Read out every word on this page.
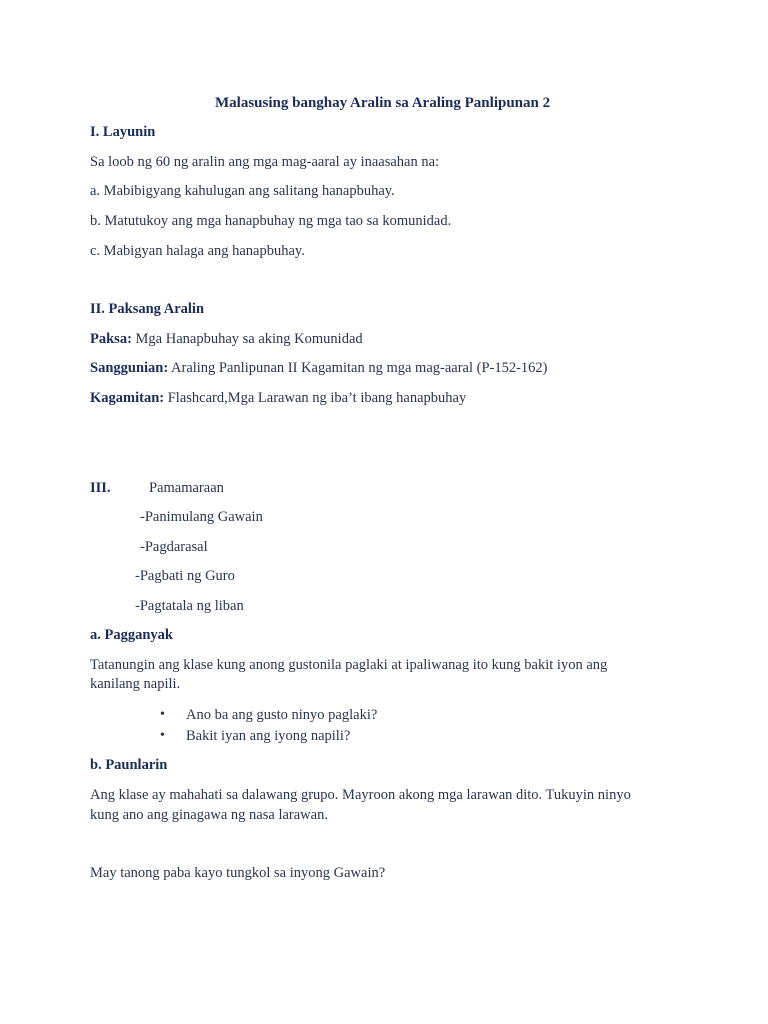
Malasusing banghay Aralin sa Araling Panlipunan 2
I. Layunin
Sa loob ng 60 ng aralin ang mga mag-aaral ay inaasahan na:
a. Mabibigyang kahulugan ang salitang hanapbuhay.
b. Matutukoy ang mga hanapbuhay ng mga tao sa komunidad.
c. Mabigyan halaga ang hanapbuhay.
II. Paksang Aralin
Paksa: Mga Hanapbuhay sa aking Komunidad
Sanggunian: Araling Panlipunan II Kagamitan ng mga mag-aaral (P-152-162)
Kagamitan: Flashcard,Mga Larawan ng iba’t ibang hanapbuhay
III.	Pamamaraan
-Panimulang Gawain
-Pagdarasal
-Pagbati ng Guro
-Pagtatala ng liban
a. Pagganyak
Tatanungin ang klase kung anong gustonila paglaki at ipaliwanag ito kung bakit iyon ang
kanilang napili.
• Ano ba ang gusto ninyo paglaki?
• Bakit iyan ang iyong napili?
b. Paunlarin
Ang klase ay mahahati sa dalawang grupo. Mayroon akong mga larawan dito. Tukuyin ninyo
kung ano ang ginagawa ng nasa larawan.
May tanong paba kayo tungkol sa inyong Gawain?
